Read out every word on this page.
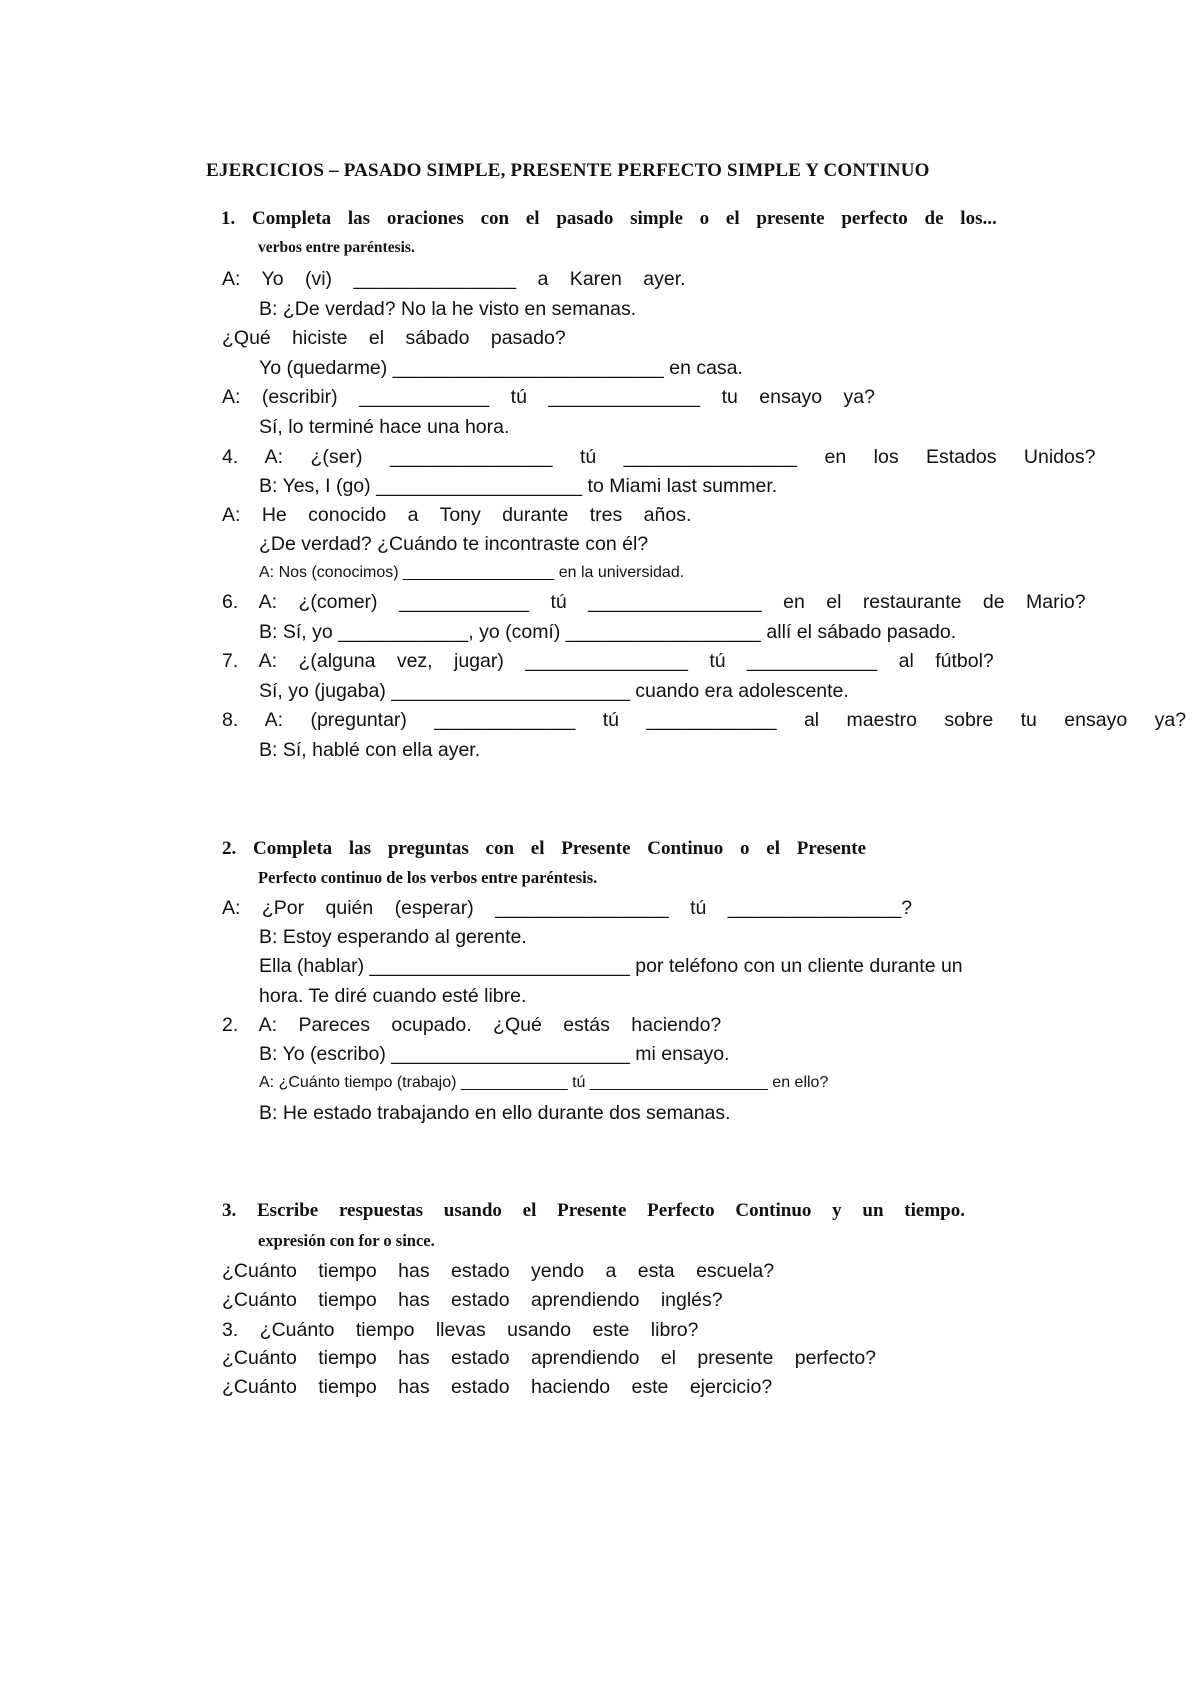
EJERCICIOS – PASADO SIMPLE, PRESENTE PERFECTO SIMPLE Y CONTINUO
1. Completa las oraciones con el pasado simple o el presente perfecto de los...
verbos entre paréntesis.
A: Yo (vi) _______________ a Karen ayer.
B: ¿De verdad? No la he visto en semanas.
¿Qué hiciste el sábado pasado?
Yo (quedarme) _________________________ en casa.
A: (escribir) ____________ tú ______________ tu ensayo ya?
Sí, lo terminé hace una hora.
4. A: ¿(ser) _______________ tú ________________ en los Estados Unidos?
B: Yes, I (go) ___________________ to Miami last summer.
A: He conocido a Tony durante tres años.
¿De verdad? ¿Cuándo te incontraste con él?
A: Nos (conocimos) _________________ en la universidad.
6. A: ¿(comer) ____________ tú ________________ en el restaurante de Mario?
B: Sí, yo ____________, yo (comí) __________________ allí el sábado pasado.
7. A: ¿(alguna vez, jugar) _______________ tú ____________ al fútbol?
Sí, yo (jugaba) ______________________ cuando era adolescente.
8. A: (preguntar) _____________ tú ____________ al maestro sobre tu ensayo ya?
B: Sí, hablé con ella ayer.
2. Completa las preguntas con el Presente Continuo o el Presente
Perfecto continuo de los verbos entre paréntesis.
A: ¿Por quién (esperar) ________________ tú ________________?
B: Estoy esperando al gerente.
Ella (hablar) ________________________ por teléfono con un cliente durante un
hora. Te diré cuando esté libre.
2. A: Pareces ocupado. ¿Qué estás haciendo?
B: Yo (escribo) ______________________ mi ensayo.
A: ¿Cuánto tiempo (trabajo) ____________ tú ____________________ en ello?
B: He estado trabajando en ello durante dos semanas.
3. Escribe respuestas usando el Presente Perfecto Continuo y un tiempo.
expresión con for o since.
¿Cuánto tiempo has estado yendo a esta escuela?
¿Cuánto tiempo has estado aprendiendo inglés?
3. ¿Cuánto tiempo llevas usando este libro?
¿Cuánto tiempo has estado aprendiendo el presente perfecto?
¿Cuánto tiempo has estado haciendo este ejercicio?
